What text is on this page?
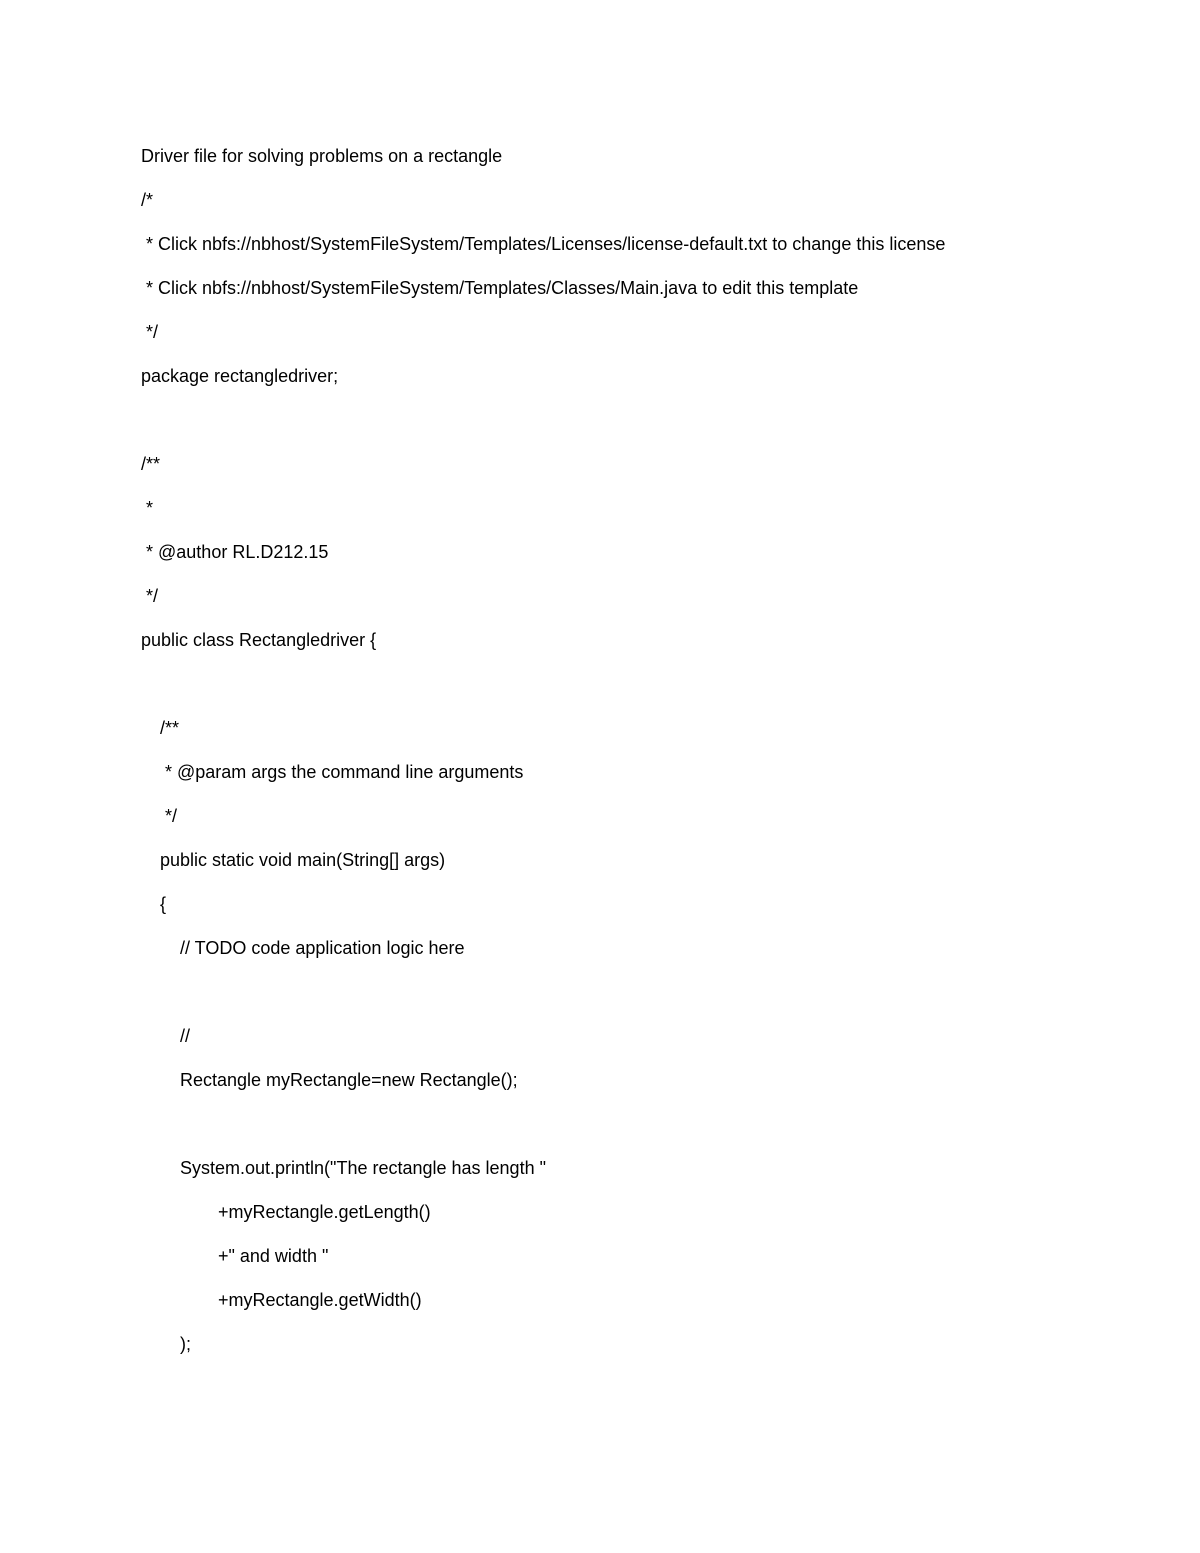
Driver file for solving problems on a rectangle
/*
* Click nbfs://nbhost/SystemFileSystem/Templates/Licenses/license-default.txt to change this license
* Click nbfs://nbhost/SystemFileSystem/Templates/Classes/Main.java to edit this template
*/
package rectangledriver;
/**
*
* @author RL.D212.15
*/
public class Rectangledriver {
/**
* @param args the command line arguments
*/
public static void main(String[] args)
{
// TODO code application logic here
//
Rectangle myRectangle=new Rectangle();
System.out.println("The rectangle has length "
+myRectangle.getLength()
+" and width "
+myRectangle.getWidth()
);
